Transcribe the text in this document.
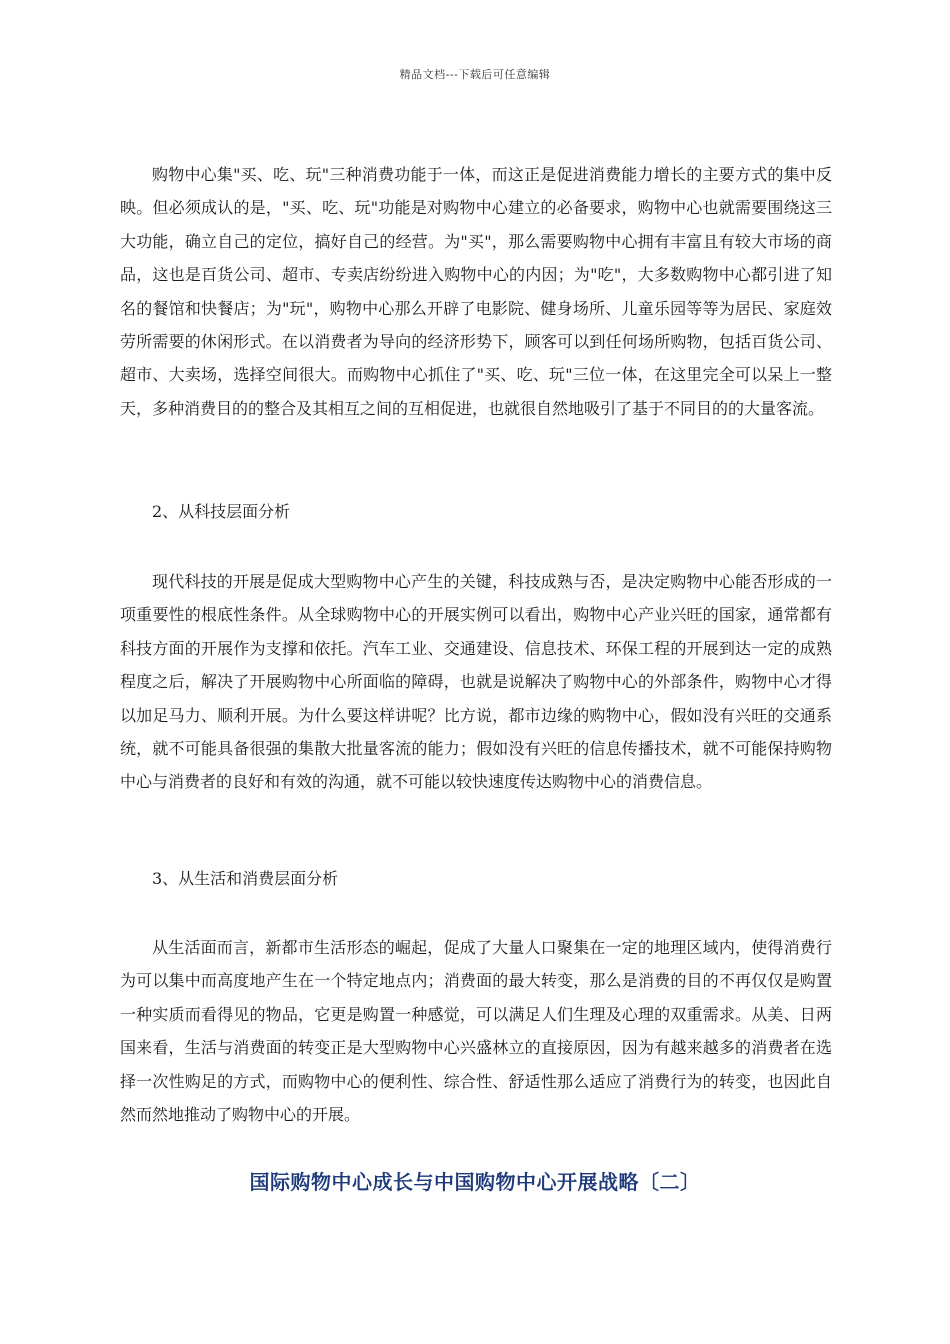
精品文档---下载后可任意编辑

购物中心集"买、吃、玩"三种消费功能于一体，而这正是促进消费能力增长的主要方式的集中反映。但必须成认的是，"买、吃、玩"功能是对购物中心建立的必备要求，购物中心也就需要围绕这三大功能，确立自己的定位，搞好自己的经营。为"买"，那么需要购物中心拥有丰富且有较大市场的商品，这也是百货公司、超市、专卖店纷纷进入购物中心的内因；为"吃"，大多数购物中心都引进了知名的餐馆和快餐店；为"玩"，购物中心那么开辟了电影院、健身场所、儿童乐园等等为居民、家庭效劳所需要的休闲形式。在以消费者为导向的经济形势下，顾客可以到任何场所购物，包括百货公司、超市、大卖场，选择空间很大。而购物中心抓住了"买、吃、玩"三位一体，在这里完全可以呆上一整天，多种消费目的的整合及其相互之间的互相促进，也就很自然地吸引了基于不同目的的大量客流。

2、从科技层面分析

现代科技的开展是促成大型购物中心产生的关键，科技成熟与否，是决定购物中心能否形成的一项重要性的根底性条件。从全球购物中心的开展实例可以看出，购物中心产业兴旺的国家，通常都有科技方面的开展作为支撑和依托。汽车工业、交通建设、信息技术、环保工程的开展到达一定的成熟程度之后，解决了开展购物中心所面临的障碍，也就是说解决了购物中心的外部条件，购物中心才得以加足马力、顺利开展。为什么要这样讲呢？比方说，都市边缘的购物中心，假如没有兴旺的交通系统，就不可能具备很强的集散大批量客流的能力；假如没有兴旺的信息传播技术，就不可能保持购物中心与消费者的良好和有效的沟通，就不可能以较快速度传达购物中心的消费信息。

3、从生活和消费层面分析

从生活面而言，新都市生活形态的崛起，促成了大量人口聚集在一定的地理区域内，使得消费行为可以集中而高度地产生在一个特定地点内；消费面的最大转变，那么是消费的目的不再仅仅是购置一种实质而看得见的物品，它更是购置一种感觉，可以满足人们生理及心理的双重需求。从美、日两国来看，生活与消费面的转变正是大型购物中心兴盛林立的直接原因，因为有越来越多的消费者在选择一次性购足的方式，而购物中心的便利性、综合性、舒适性那么适应了消费行为的转变，也因此自然而然地推动了购物中心的开展。

国际购物中心成长与中国购物中心开展战略〔二〕
